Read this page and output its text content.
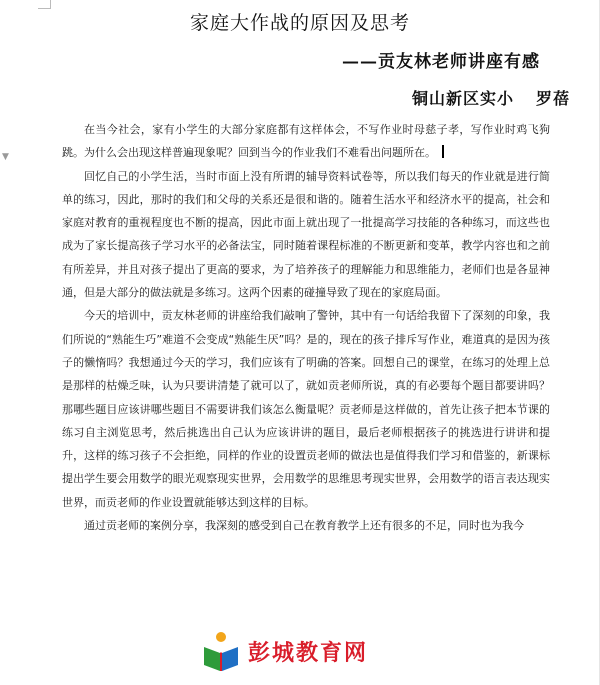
▼
家庭大作战的原因及思考
——贡友林老师讲座有感
铜山新区实小 罗蓓

在当今社会，家有小学生的大部分家庭都有这样体会，不写作业时母慈子孝，写作业时鸡飞狗跳。为什么会出现这样普遍现象呢？回到当今的作业我们不难看出问题所在。

回忆自己的小学生活，当时市面上没有所谓的辅导资料试卷等，所以我们每天的作业就是进行简单的练习，因此，那时的我们和父母的关系还是很和谐的。随着生活水平和经济水平的提高，社会和家庭对教育的重视程度也不断的提高，因此市面上就出现了一批提高学习技能的各种练习，而这些也成为了家长提高孩子学习水平的必备法宝，同时随着课程标准的不断更新和变革，教学内容也和之前有所差异，并且对孩子提出了更高的要求，为了培养孩子的理解能力和思维能力，老师们也是各显神通，但是大部分的做法就是多练习。这两个因素的碰撞导致了现在的家庭局面。

今天的培训中，贡友林老师的讲座给我们敲响了警钟，其中有一句话给我留下了深刻的印象，我们所说的“熟能生巧”难道不会变成“熟能生厌”吗？是的，现在的孩子排斥写作业，难道真的是因为孩子的懒惰吗？我想通过今天的学习，我们应该有了明确的答案。回想自己的课堂，在练习的处理上总是那样的枯燥乏味，认为只要讲清楚了就可以了，就如贡老师所说，真的有必要每个题目都要讲吗？那哪些题目应该讲哪些题目不需要讲我们该怎么衡量呢？贡老师是这样做的，首先让孩子把本节课的练习自主浏览思考，然后挑选出自己认为应该讲讲的题目，最后老师根据孩子的挑选进行讲讲和提升，这样的练习孩子不会拒绝，同样的作业的设置贡老师的做法也是值得我们学习和借鉴的，新课标提出学生要会用数学的眼光观察现实世界，会用数学的思维思考现实世界，会用数学的语言表达现实世界，而贡老师的作业设置就能够达到这样的目标。

通过贡老师的案例分享，我深刻的感受到自己在教育教学上还有很多的不足，同时也为我今

彭城教育网
